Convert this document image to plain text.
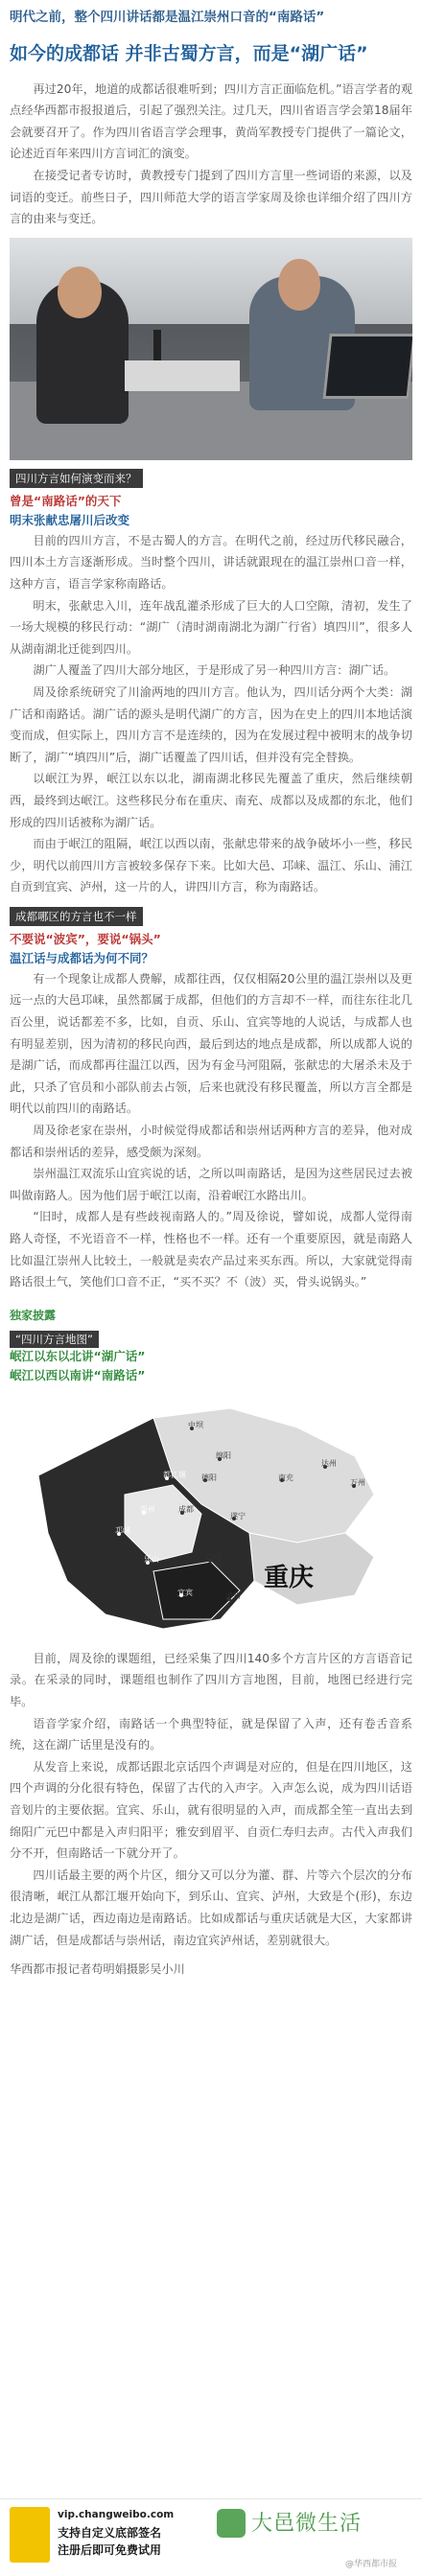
明代之前，整个四川讲话都是温江崇州口音的“南路话”
如今的成都话 并非古蜀方言，而是“湖广话”

再过20年，地道的成都话很难听到；四川方言正面临危机。”语言学者的观点经华西都市报报道后，引起了强烈关注。过几天，四川省语言学会第18届年会就要召开了。作为四川省语言学会理事，黄尚军教授专门提供了一篇论文，论述近百年来四川方言词汇的演变。

在接受记者专访时，黄教授专门提到了四川方言里一些词语的来源，以及词语的变迁。前些日子，四川师范大学的语言学家周及徐也详细介绍了四川方言的由来与变迁。

四川方言如何演变而来？
曾是“南路话”的天下
明末张献忠屠川后改变

目前的四川方言，不是古蜀人的方言。在明代之前，经过历代移民融合，四川本土方言逐渐形成。当时整个四川，讲话就跟现在的温江崇州口音一样，这种方言，语言学家称南路话。

明末，张献忠入川，连年战乱灌杀形成了巨大的人口空隙，清初，发生了一场大规模的移民行动：“湖广（清时湖南湖北为湖广行省）填四川”，很多人从湖南湖北迁徙到四川。

湖广人覆盖了四川大部分地区，于是形成了另一种四川方言：湖广话。

周及徐系统研究了川渝两地的四川方言。他认为，四川话分两个大类：湖广话和南路话。湖广话的源头是明代湖广的方言，因为在史上的四川本地话演变而成，但实际上，四川方言不是连续的，因为在发展过程中被明末的战争切断了，湖广“填四川”后，湖广话覆盖了四川话，但并没有完全替换。

以岷江为界，岷江以东以北，湖南湖北移民先覆盖了重庆，然后继续朝西，最终到达岷江。这些移民分布在重庆、南充、成都以及成都的东北，他们形成的四川话被称为湖广话。

而由于岷江的阻隔，岷江以西以南，张献忠带来的战争破坏小一些，移民少，明代以前四川方言被较多保存下来。比如大邑、邛崃、温江、乐山、浦江自贡到宜宾、泸州，这一片的人，讲四川方言，称为南路话。

成都哪区的方言也不一样
不要说“波宾”，要说“锅头”
温江话与成都话为何不同？

有一个现象让成都人费解，成都往西，仅仅相隔20公里的温江崇州以及更远一点的大邑邛崃，虽然都属于成都，但他们的方言却不一样，而往东往北几百公里，说话都差不多，比如，自贡、乐山、宜宾等地的人说话，与成都人也有明显差别，因为清初的移民向西，最后到达的地点是成都，所以成都人说的是湖广话，而成都再往温江以西，因为有金马河阻隔，张献忠的大屠杀未及于此，只杀了官员和小部队前去占领，后来也就没有移民覆盖，所以方言全都是明代以前四川的南路话。

周及徐老家在崇州，小时候觉得成都话和崇州话两种方言的差异，他对成都话和崇州话的差异，感受颇为深刻。

崇州温江双流乐山宜宾说的话，之所以叫南路话，是因为这些居民过去被叫做南路人。因为他们居于岷江以南，沿着岷江水路出川。

“旧时，成都人是有些歧视南路人的。”周及徐说，譬如说，成都人觉得南路人奇怪，不光语音不一样，性格也不一样。还有一个重要原因，就是南路人比如温江崇州人比较土，一般就是卖农产品过来买东西。所以，大家就觉得南路话很土气，笑他们口音不正，“买不买？不（波）买，骨头说锅头。”

独家披露
“四川方言地图”
岷江以东以北讲“湖广话”
岷江以西以南讲“南路话”
重庆
中坝
绵阳
都江堰 德阳	南充
达州
万州
成都
崇州
邛崃
遂宁
乐山	自贡
宜宾	泸州

目前，周及徐的课题组，已经采集了四川140多个方言片区的方言语音记录。在采录的同时，课题组也制作了四川方言地图，目前，地图已经进行完毕。

语音学家介绍，南路话一个典型特征，就是保留了入声，还有卷舌音系统，这在湖广话里是没有的。

从发音上来说，成都话跟北京话四个声调是对应的，但是在四川地区，这四个声调的分化很有特色，保留了古代的入声字。入声怎么说，成为四川话语音划片的主要依据。宜宾、乐山，就有很明显的入声，而成都全笙一直出去到绵阳广元巴中都是入声归阳平；雅安到眉平、自贡仁寿归去声。古代入声我们分不开，但南路话一下就分开了。

四川话最主要的两个片区，细分又可以分为灌、群、片等六个层次的分布很清晰，岷江从都江堰开始向下，到乐山、宜宾、泸州，大致是个(形)，东边北边是湖广话，西边南边是南路话。比如成都话与重庆话就是大区，大家都讲湖广话，但是成都话与崇州话，南边宜宾泸州话，差别就很大。

华西都市报记者苟明娟摄影吴小川
vip.changweibo.com
支持自定义底部签名
注册后即可免费试用
大邑微生活
@华西都市报
